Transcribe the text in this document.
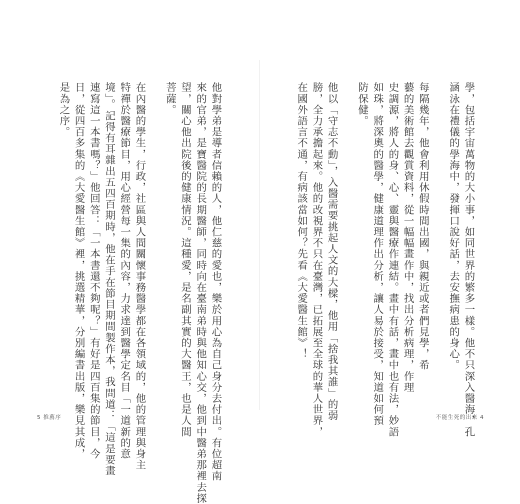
他對學弟是導者信賴的人，他仁慈的愛也，樂於用心為自己身分去付出。有位超南
來的官弟，是寶醫院的長期醫師，同時向在臺南弟時與他知心交，他到中醫弟那裡去探
望，關心他出院後的健康情況。這種愛，是名副其實的大醫王，也是人間
菩薩。
在內醫的學生，行政，社區與人間關懷事務醫學都在各領域的，他的管理與身主
特禪於醫療節目，用心經營每一集的內容，力求達到醫學定名目「一道新的意
境」。記得有耳雜出五四百期時，他在手在節目期間製作本，我問道：「這是要畫
連寫這一本書嗎？」他回答：「一本書還不夠呢？」有好是四百集的節目，今
日，從四百多集的《大愛醫生館》裡，挑選精華，分別編書出版，樂見其成，
是為之序。
5 推薦序	學，包括宇宙萬物的大小事，如同世界的繁多一樣。他不只深入醫海，孔
涵泳在禮儀的學海中，發揮口說好話，去安撫病患的身心。
每隔幾年，他會利用休假時間出國，與親近或者們見學，希
藝的美術館去觀賞資料，從一幅幅畫作中，找出分析病理，作理
史調源，將人的身、心、靈與醫療作連結。畫中有話，畫中也有法，妙語
如珠，將深奧的醫學，健康道理作出分析，讓人易於接受，知道如何預
防保健。
他以「守志不動」，入醫需要挑起人文的大樑，他用「捨我其誰」的弱
膀，全力承擔起來。他的改視界不只在臺灣，已拓展至全球的華人世界，
在國外語言不通，有病該當如何？先看《大愛醫生館》！
不能生死的出來 4
